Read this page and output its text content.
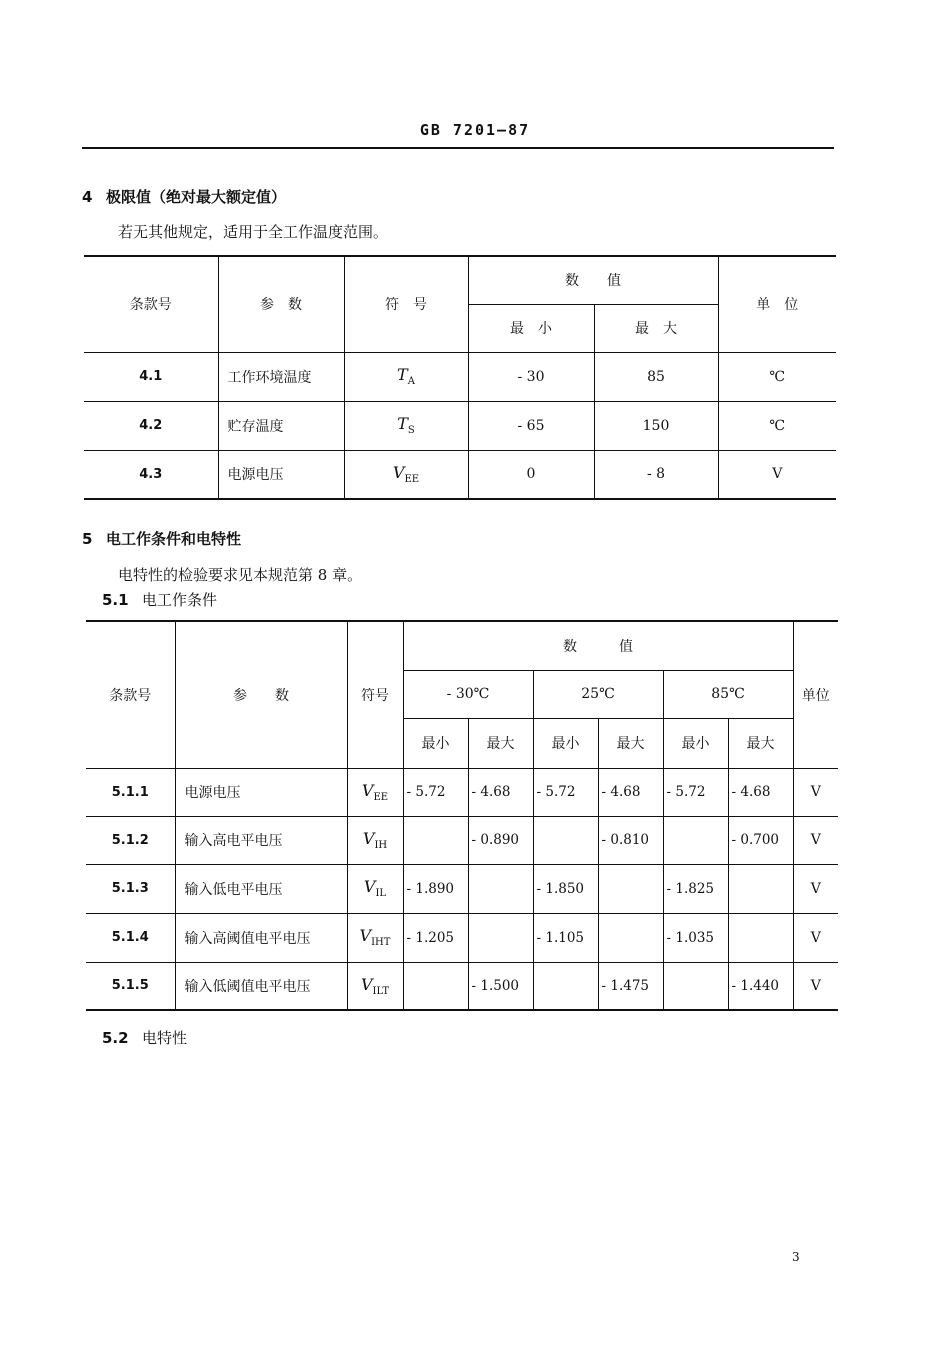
GB 7201—87
4 极限值（绝对最大额定值）
若无其他规定，适用于全工作温度范围。
条款号	参　数	符　号	数　　值		单　位
			最　小	最　大	
4.1	工作环境温度	$T_A$	- 30	85	℃
4.2	贮存温度	$T_S$	- 65	150	℃
4.3	电源电压	$V_{EE}$	0	- 8	V
5 电工作条件和电特性
电特性的检验要求见本规范第 8 章。
5.1 电工作条件
条款号	参　　数	符号	数　　　值						单位
			- 30℃		25℃		85℃		
			最小	最大	最小	最大	最小	最大	
5.1.1	电源电压	$V_{EE}$	- 5.72	- 4.68	- 5.72	- 4.68	- 5.72	- 4.68	V
5.1.2	输入高电平电压	$V_{IH}$		- 0.890		- 0.810		- 0.700	V
5.1.3	输入低电平电压	$V_{IL}$	- 1.890		- 1.850		- 1.825		V
5.1.4	输入高阈值电平电压	$V_{IHT}$	- 1.205		- 1.105		- 1.035		V
5.1.5	输入低阈值电平电压	$V_{ILT}$		- 1.500		- 1.475		- 1.440	V
5.2 电特性
3
